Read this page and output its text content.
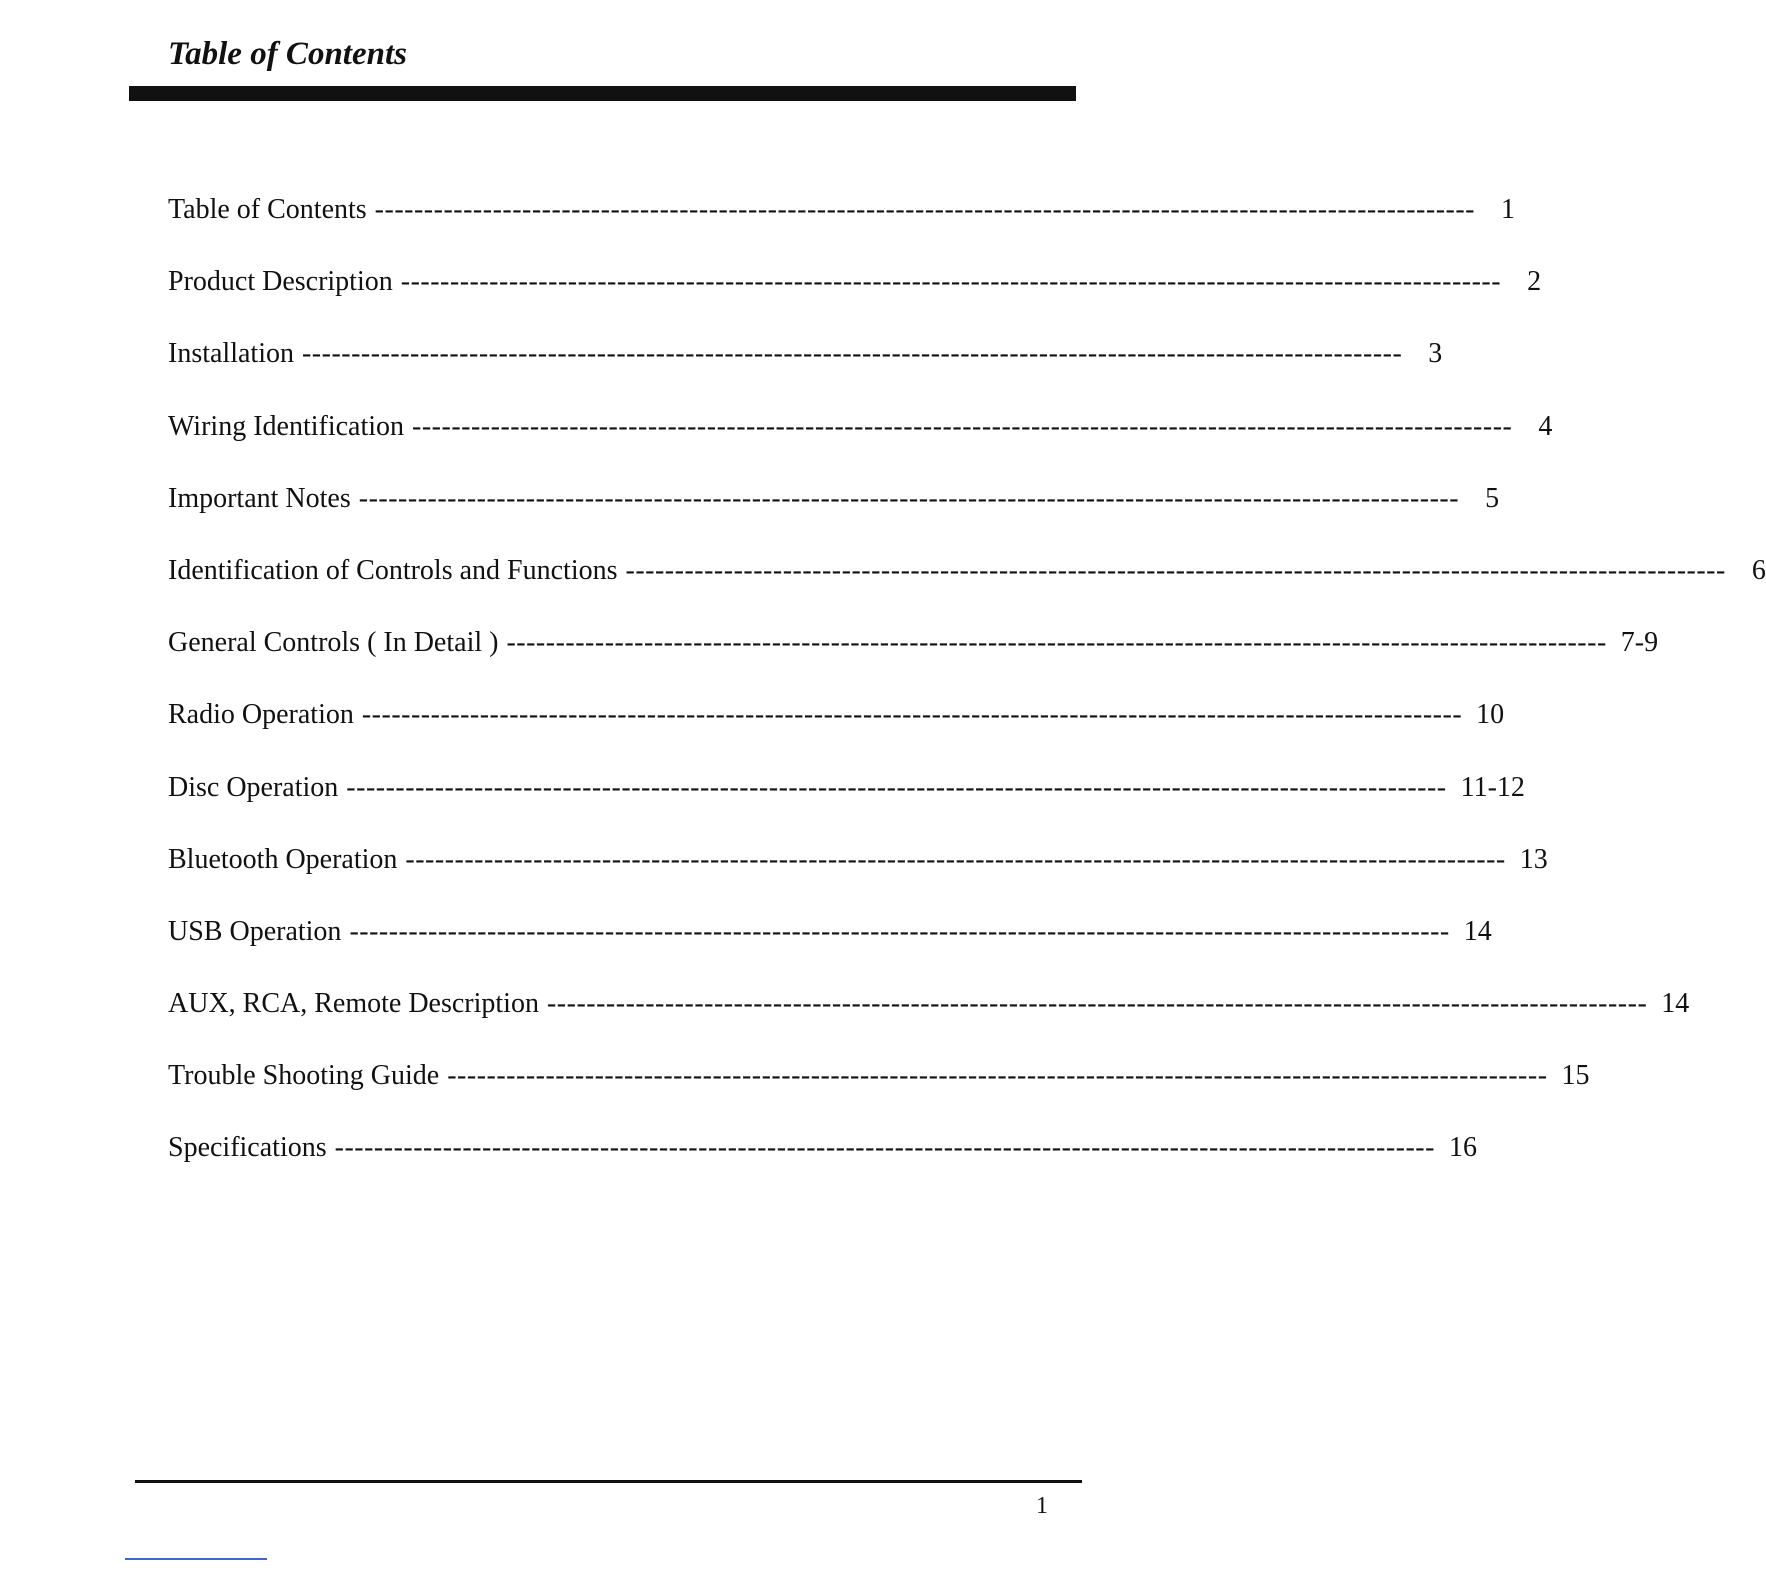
Table of Contents
Table of Contents ---------------------------------------------------------------------------------------------------------------- 1
Product Description ---------------------------------------------------------------------------------------------------------------- 2
Installation ---------------------------------------------------------------------------------------------------------------- 3
Wiring Identification ---------------------------------------------------------------------------------------------------------------- 4
Important Notes ---------------------------------------------------------------------------------------------------------------- 5
Identification of Controls and Functions ---------------------------------------------------------------------------------------------------------------- 6
General Controls ( In Detail ) ---------------------------------------------------------------------------------------------------------------- 7-9
Radio Operation ---------------------------------------------------------------------------------------------------------------- 10
Disc Operation ---------------------------------------------------------------------------------------------------------------- 11-12
Bluetooth Operation ---------------------------------------------------------------------------------------------------------------- 13
USB Operation ---------------------------------------------------------------------------------------------------------------- 14
AUX, RCA, Remote Description ---------------------------------------------------------------------------------------------------------------- 14
Trouble Shooting Guide ---------------------------------------------------------------------------------------------------------------- 15
Specifications ---------------------------------------------------------------------------------------------------------------- 16
1
